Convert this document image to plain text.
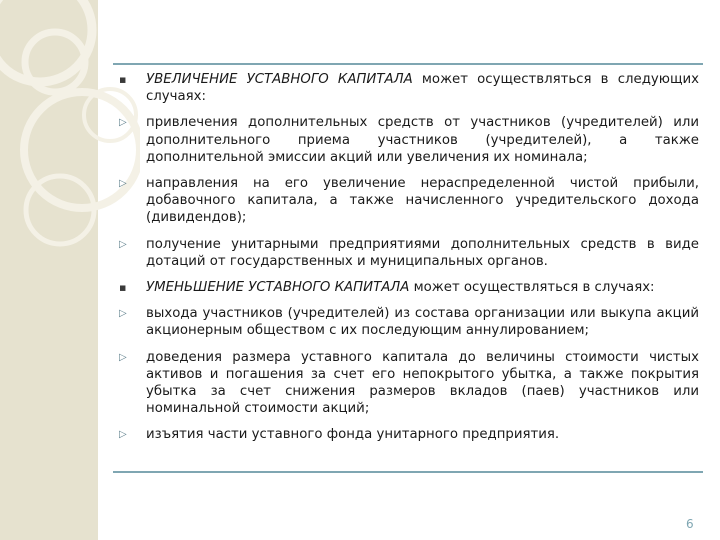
▪ УВЕЛИЧЕНИЕ УСТАВНОГО КАПИТАЛА может осуществляться в следующих случаях:
▷ привлечения дополнительных средств от участников (учредителей) или дополнительного приема участников (учредителей), а также дополнительной эмиссии акций или увеличения их номинала;
▷ направления на его увеличение нераспределенной чистой прибыли, добавочного капитала, а также начисленного учредительского дохода (дивидендов);
▷ получение унитарными предприятиями дополнительных средств в виде дотаций от государственных и муниципальных органов.
▪ УМЕНЬШЕНИЕ УСТАВНОГО КАПИТАЛА может осуществляться в случаях:
▷ выхода участников (учредителей) из состава организации или выкупа акций акционерным обществом с их последующим аннулированием;
▷ доведения размера уставного капитала до величины стоимости чистых активов и погашения за счет его непокрытого убытка, а также покрытия убытка за счет снижения размеров вкладов (паев) участников или номинальной стоимости акций;
▷ изъятия части уставного фонда унитарного предприятия.
6
